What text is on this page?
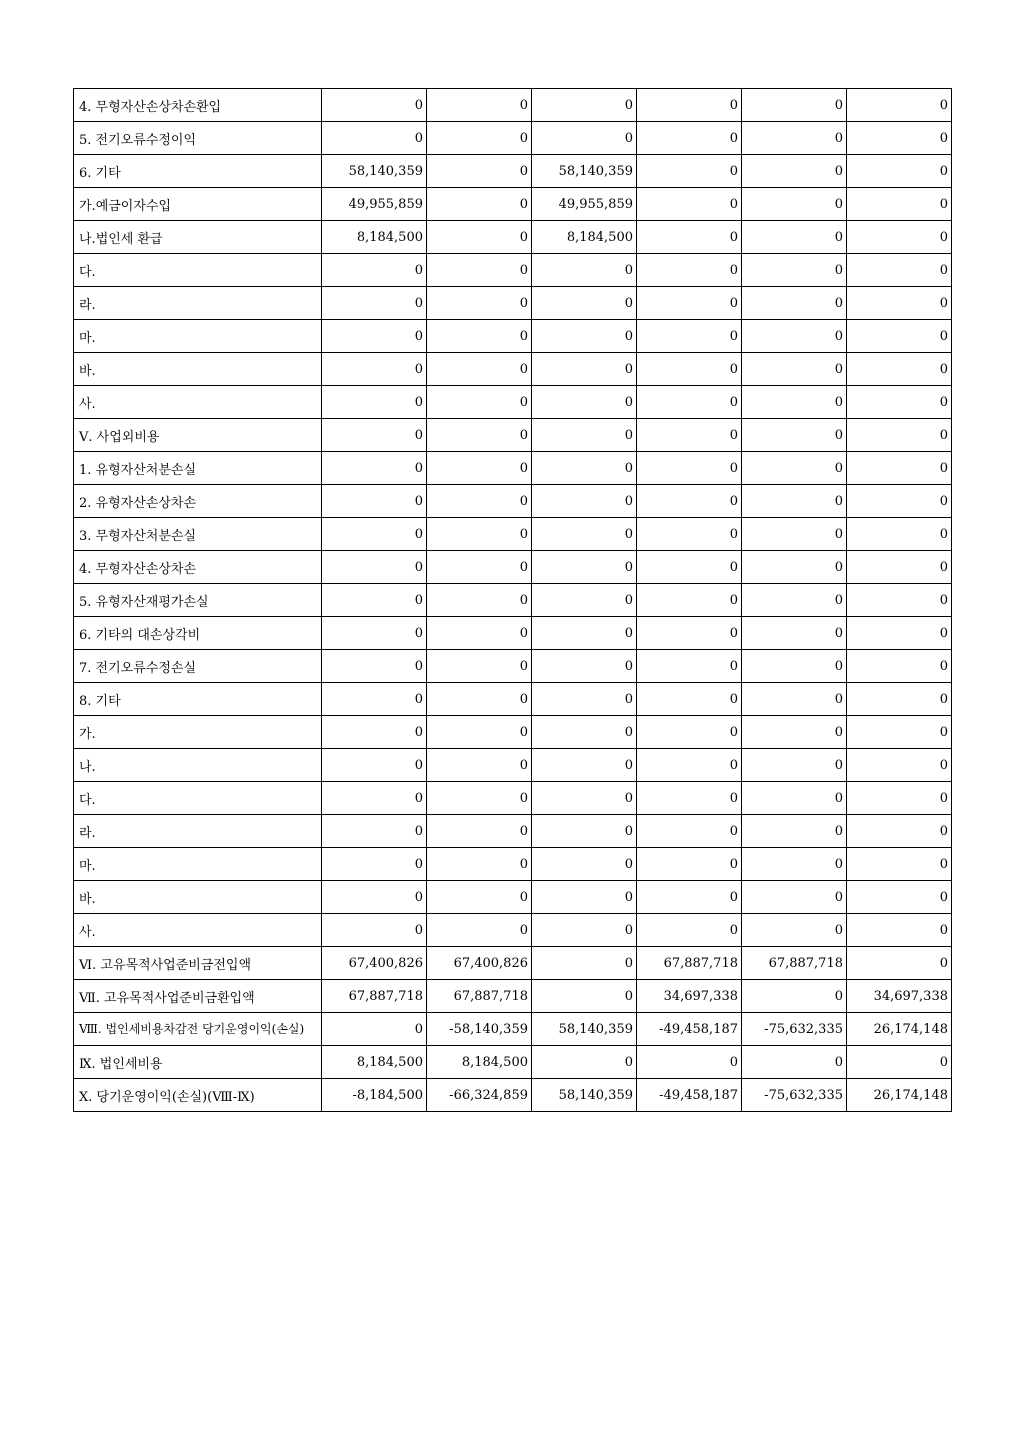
4. 무형자산손상차손환입	0	0	0	0	0	0
5. 전기오류수정이익	0	0	0	0	0	0
6. 기타	58,140,359	0	58,140,359	0	0	0
가.예금이자수입	49,955,859	0	49,955,859	0	0	0
나.법인세 환급	8,184,500	0	8,184,500	0	0	0
다.	0	0	0	0	0	0
라.	0	0	0	0	0	0
마.	0	0	0	0	0	0
바.	0	0	0	0	0	0
사.	0	0	0	0	0	0
Ⅴ. 사업외비용	0	0	0	0	0	0
1. 유형자산처분손실	0	0	0	0	0	0
2. 유형자산손상차손	0	0	0	0	0	0
3. 무형자산처분손실	0	0	0	0	0	0
4. 무형자산손상차손	0	0	0	0	0	0
5. 유형자산재평가손실	0	0	0	0	0	0
6. 기타의 대손상각비	0	0	0	0	0	0
7. 전기오류수정손실	0	0	0	0	0	0
8. 기타	0	0	0	0	0	0
가.	0	0	0	0	0	0
나.	0	0	0	0	0	0
다.	0	0	0	0	0	0
라.	0	0	0	0	0	0
마.	0	0	0	0	0	0
바.	0	0	0	0	0	0
사.	0	0	0	0	0	0
Ⅵ. 고유목적사업준비금전입액	67,400,826	67,400,826	0	67,887,718	67,887,718	0
Ⅶ. 고유목적사업준비금환입액	67,887,718	67,887,718	0	34,697,338	0	34,697,338
Ⅷ. 법인세비용차감전 당기운영이익(손실)	0	-58,140,359	58,140,359	-49,458,187	-75,632,335	26,174,148
Ⅸ. 법인세비용	8,184,500	8,184,500	0	0	0	0
Ⅹ. 당기운영이익(손실)(Ⅷ-Ⅸ)	-8,184,500	-66,324,859	58,140,359	-49,458,187	-75,632,335	26,174,148
